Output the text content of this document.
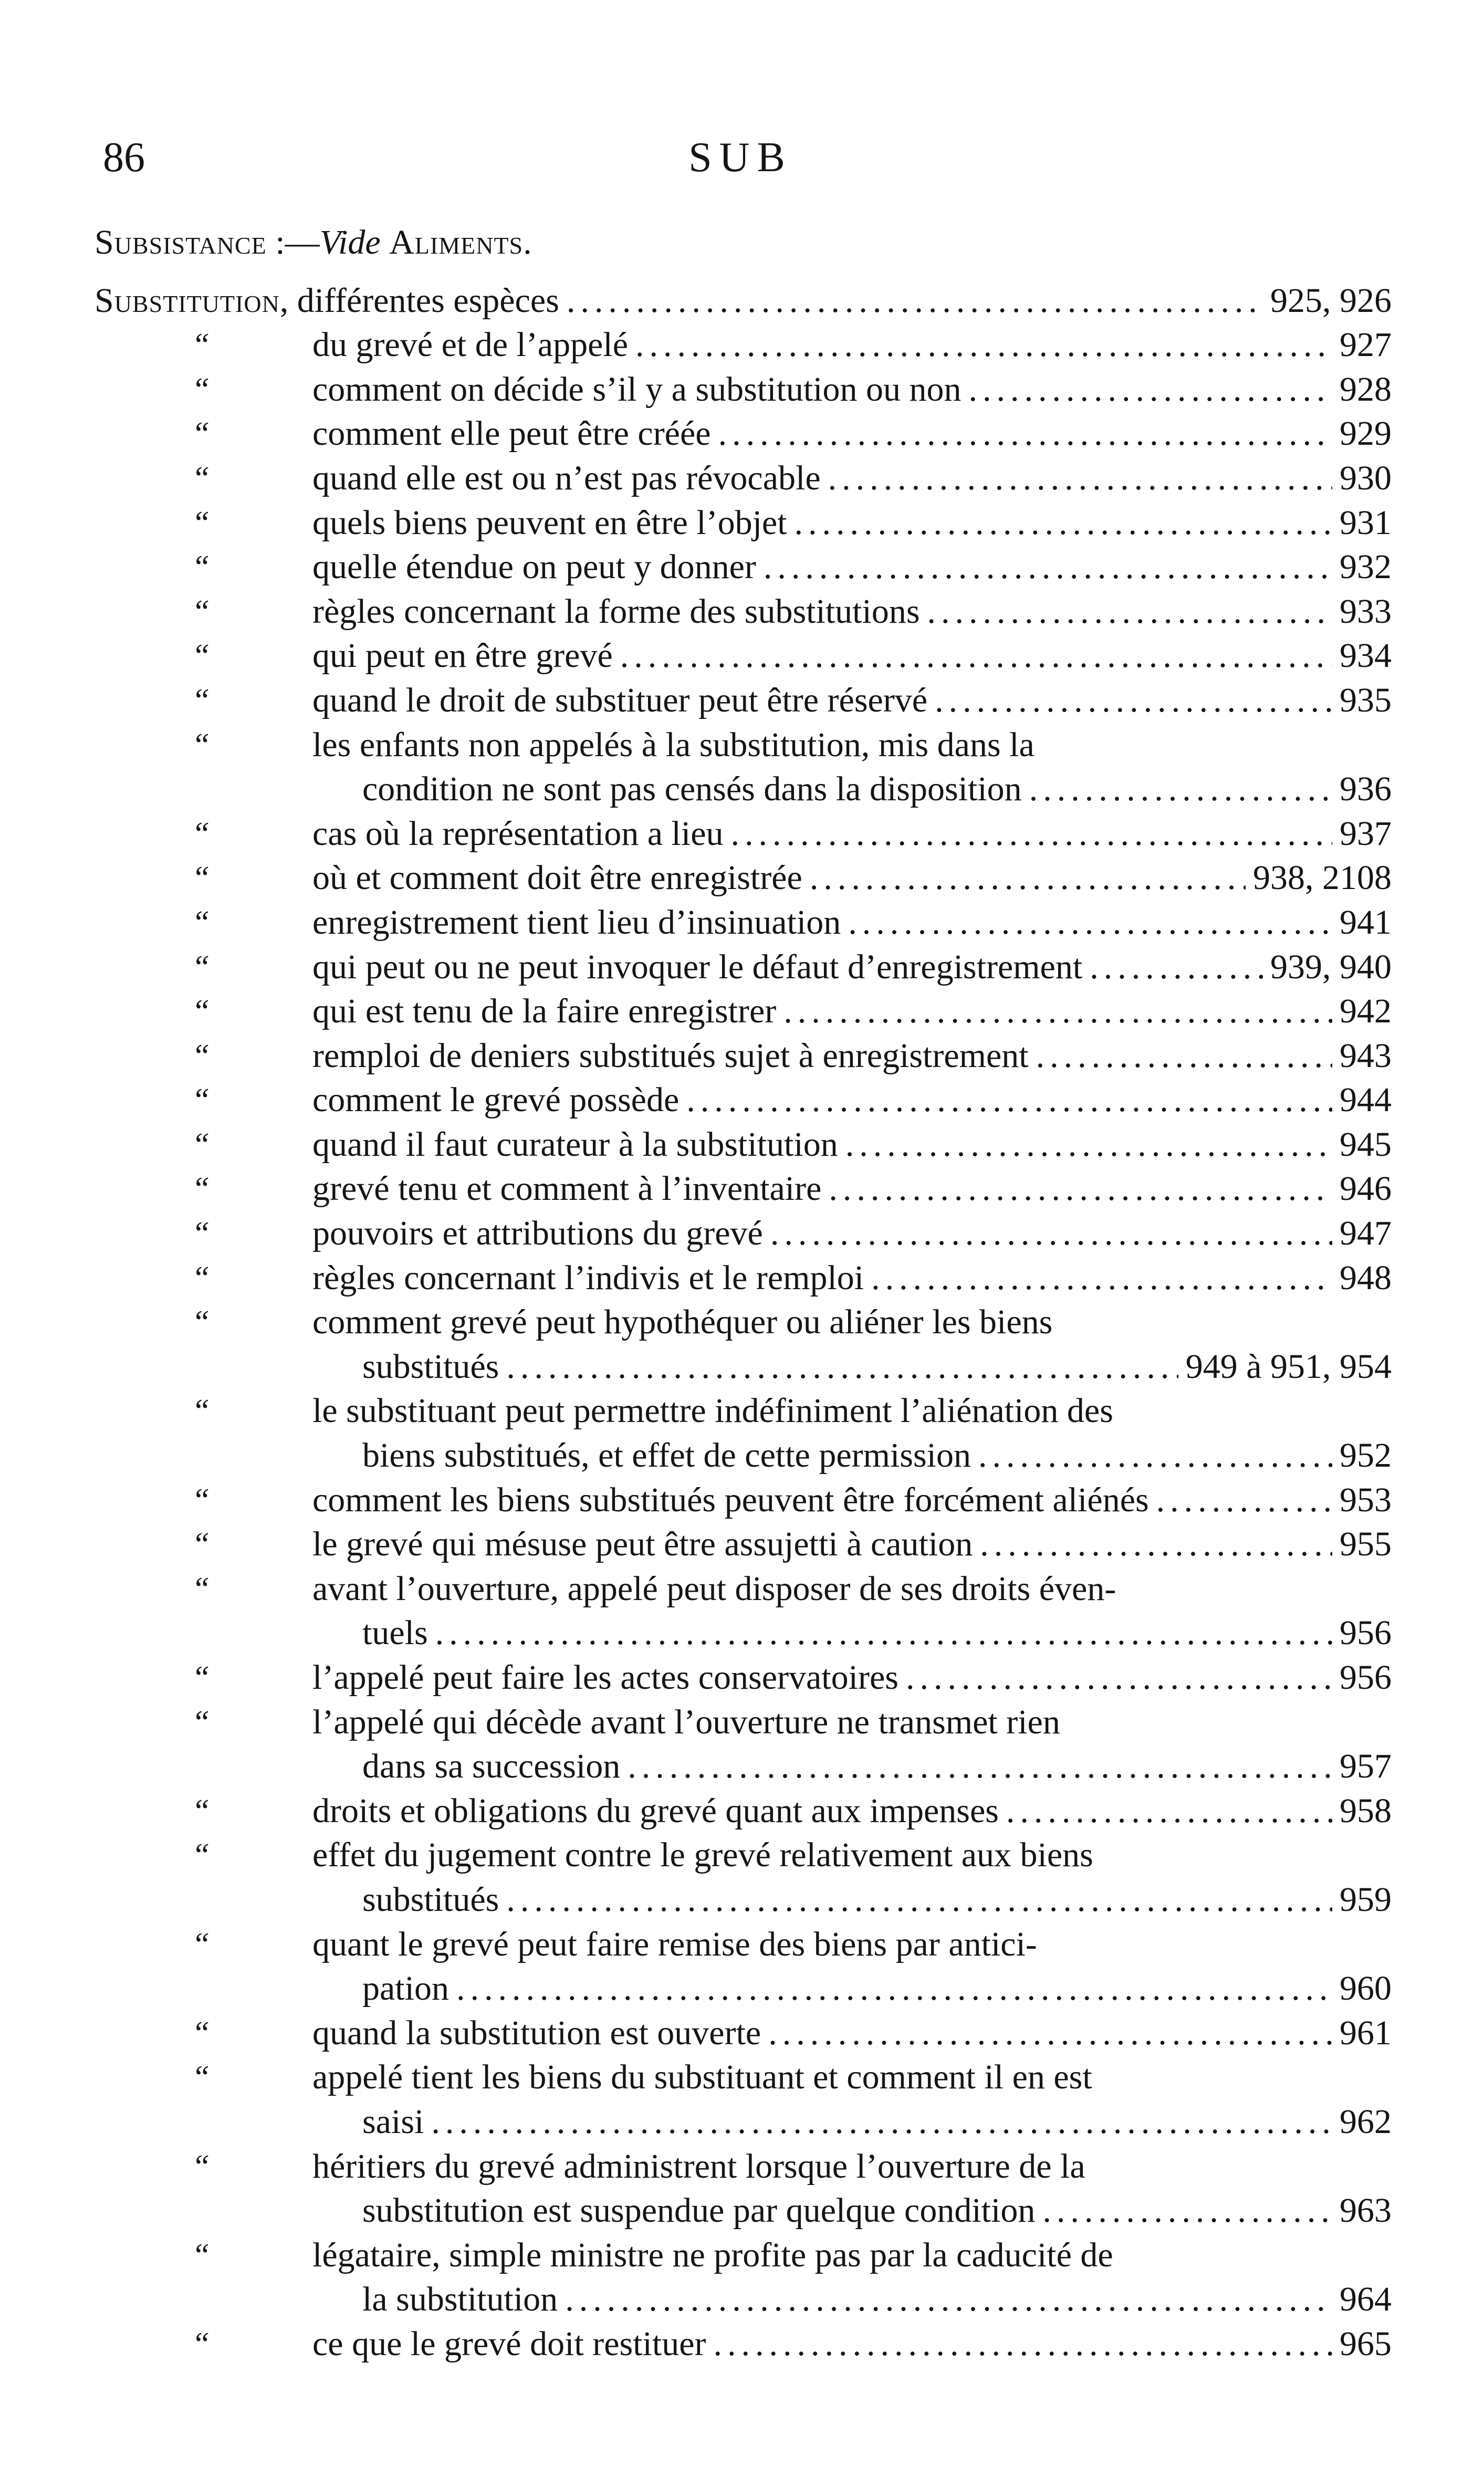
86	SUB
Subsistance :—Vide Aliments.
Substitution, différentes espèces .....	925, 926
“	du grevé et de l’appelé .....	927
“	comment on décide s’il y a substitution ou non .....	928
“	comment elle peut être créée .....	929
“	quand elle est ou n’est pas révocable .....	930
“	quels biens peuvent en être l’objet .....	931
“	quelle étendue on peut y donner .....	932
“	règles concernant la forme des substitutions .....	933
“	qui peut en être grevé .....	934
“	quand le droit de substituer peut être réservé .....	935
“	les enfants non appelés à la substitution, mis dans la
condition ne sont pas censés dans la disposition .....	936
“	cas où la représentation a lieu .....	937
“	où et comment doit être enregistrée .....	938, 2108
“	enregistrement tient lieu d’insinuation .....	941
“	qui peut ou ne peut invoquer le défaut d’enregistrement .....	939, 940
“	qui est tenu de la faire enregistrer .....	942
“	remploi de deniers substitués sujet à enregistrement .....	943
“	comment le grevé possède .....	944
“	quand il faut curateur à la substitution .....	945
“	grevé tenu et comment à l’inventaire .....	946
“	pouvoirs et attributions du grevé .....	947
“	règles concernant l’indivis et le remploi .....	948
“	comment grevé peut hypothéquer ou aliéner les biens
substitués .....	949 à 951, 954
“	le substituant peut permettre indéfiniment l’aliénation des
biens substitués, et effet de cette permission .....	952
“	comment les biens substitués peuvent être forcément aliénés .....	953
“	le grevé qui mésuse peut être assujetti à caution .....	955
“	avant l’ouverture, appelé peut disposer de ses droits éven-
tuels .....	956
“	l’appelé peut faire les actes conservatoires .....	956
“	l’appelé qui décède avant l’ouverture ne transmet rien
dans sa succession .....	957
“	droits et obligations du grevé quant aux impenses .....	958
“	effet du jugement contre le grevé relativement aux biens
substitués .....	959
“	quant le grevé peut faire remise des biens par antici-
pation .....	960
“	quand la substitution est ouverte .....	961
“	appelé tient les biens du substituant et comment il en est
saisi .....	962
“	héritiers du grevé administrent lorsque l’ouverture de la
substitution est suspendue par quelque condition .....	963
“	légataire, simple ministre ne profite pas par la caducité de
la substitution .....	964
“	ce que le grevé doit restituer .....	965
